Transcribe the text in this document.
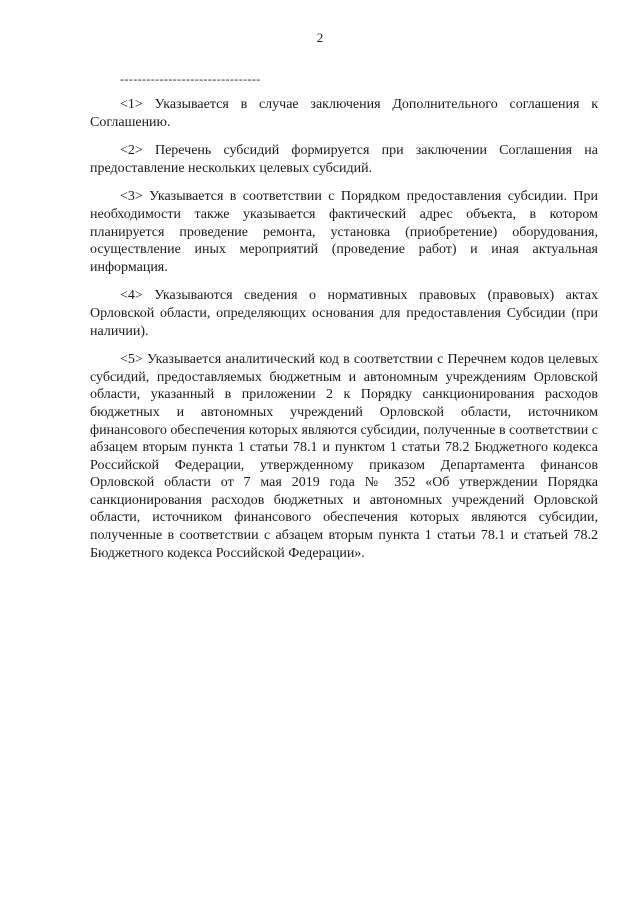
2
--------------------------------

<1> Указывается в случае заключения Дополнительного соглашения к Соглашению.

<2> Перечень субсидий формируется при заключении Соглашения на предоставление нескольких целевых субсидий.

<3> Указывается в соответствии с Порядком предоставления субсидии. При необходимости также указывается фактический адрес объекта, в котором планируется проведение ремонта, установка (приобретение) оборудования, осуществление иных мероприятий (проведение работ) и иная актуальная информация.

<4> Указываются сведения о нормативных правовых (правовых) актах Орловской области, определяющих основания для предоставления Субсидии (при наличии).

<5> Указывается аналитический код в соответствии с Перечнем кодов целевых субсидий, предоставляемых бюджетным и автономным учреждениям Орловской области, указанный в приложении 2 к Порядку санкционирования расходов бюджетных и автономных учреждений Орловской области, источником финансового обеспечения которых являются субсидии, полученные в соответствии с абзацем вторым пункта 1 статьи 78.1 и пунктом 1 статьи 78.2 Бюджетного кодекса Российской Федерации, утвержденному приказом Департамента финансов Орловской области от 7 мая 2019 года № 352 «Об утверждении Порядка санкционирования расходов бюджетных и автономных учреждений Орловской области, источником финансового обеспечения которых являются субсидии, полученные в соответствии с абзацем вторым пункта 1 статьи 78.1 и статьей 78.2 Бюджетного кодекса Российской Федерации».
